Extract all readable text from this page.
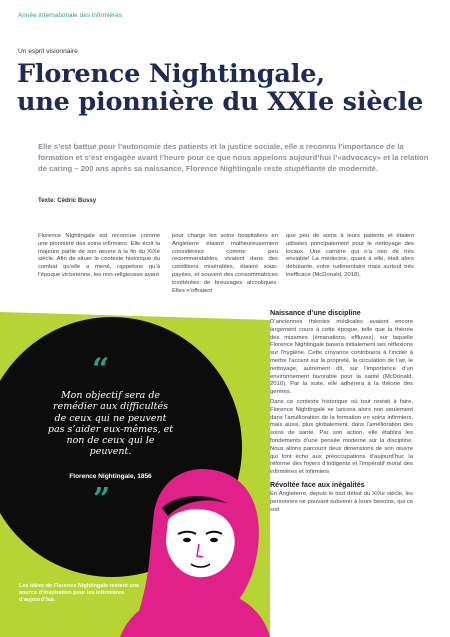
Année internationale des infirmières
Un esprit visionnaire
Florence Nightingale,
une pionnière du XXIe siècle

Elle s’est battue pour l’autonomie des patients et la justice sociale, elle a reconnu l’importance de la formation et s’est engagée avant l’heure pour ce que nous appelons aujourd’hui l’«advocacy» et la relation de caring – 200 ans après sa naissance, Florence Nightingale reste stupéfiante de modernité.

Texte: Cédric Bussy

Florence Nightingale est reconnue comme une pionnière des soins infirmiers. Elle écrit la majeure partie de son œuvre à la fin du XIXe siècle. Afin de situer le contexte historique du combat qu’elle a mené, rappelons qu’à l’époque victorienne, les non-religieuses ayant

pour charge les soins hospitaliers en Angleterre étaient malheureusement considérées comme peu recommandables, vivaient dans des conditions misérables, étaient sous-payées, et souvent des consommatrices invétérées de breuvages alcooliques. Elles n’offraient

que peu de soins à leurs patients et étaient utilisées principalement pour le nettoyage des locaux. Une carrière qui n’a rien de très enviable! La médecine, quant à elle, était alors débutante, votre rudimentaire mais surtout très inefficace (McDonald, 2018).

Naissance d’une discipline

D’anciennes théories médicales avaient encore largement cours à cette époque, telle que la théorie des miasmes (émanations, effluves), sur laquelle Florence Nightingale basera initialement ses réflexions sur l’hygiène. Cette croyance contribuera à l’inciter à mettre l’accent sur la propreté, la circulation de l’air, le nettoyage, autrement dit, sur l’importance d’un environnement favorable pour la santé (McDonald, 2010). Par la suite, elle adhérera à la théorie des germes.

Dans ce contexte historique où tout restait à faire, Florence Nightingale se lancera alors non seulement dans l’amélioration de la formation en soins infirmiers, mais aussi, plus globalement, dans l’amélioration des soins de santé. Par son action, elle établira les fondements d’une pensée moderne sur la discipline. Nous allons parcourir deux dimensions de son œuvre qui font écho aux préoccupations d’aujourd’hui: la réforme des foyers d’indigents et l’impératif moral des infirmières et infirmiers

Révoltée face aux inégalités

En Angleterre, depuis le tout début du XIXe siècle, les personnes ne pouvant subvenir à leurs besoins, qui ce soit

“

Mon objectif sera de remédier aux difficultés de ceux qui ne peuvent pas s’aider eux-mêmes, et non de ceux qui le peuvent.

Florence Nightingale, 1856

”

Les idées de Florence Nightingale restent une source d’inspiration pour les infirmières d’aujourd’hui.
